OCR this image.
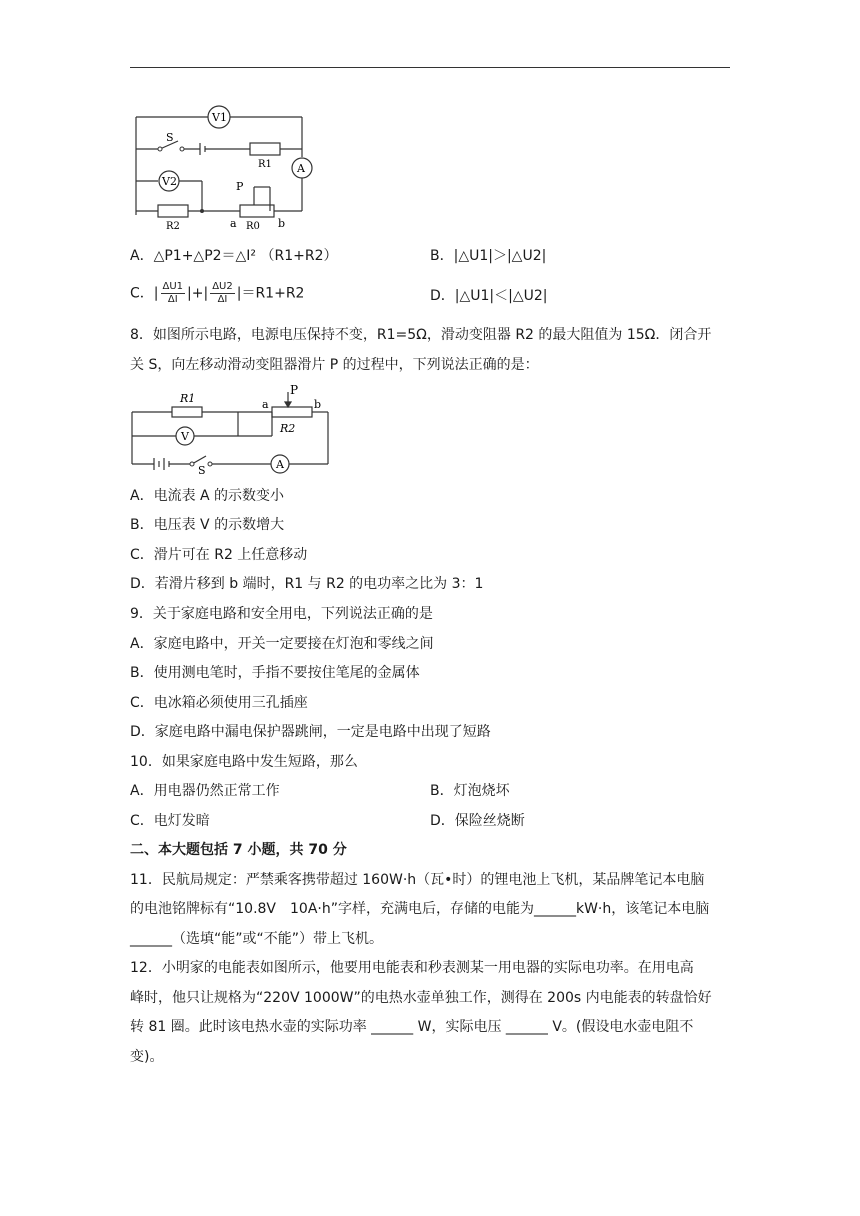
V1
S
R1 A
V2	P
R2	a R0 b
A．△P1+△P2＝△I² （R1+R2）	B．|△U1|＞|△U2|
C．| $\frac{\Delta U1}{\Delta I}$ |+| $\frac{\Delta U2}{\Delta I} |=R1+R2$	D．|△U1|＜|△U2|
8．如图所示电路，电源电压保持不变，R1=5Ω，滑动变阻器 R2 的最大阻值为 15Ω．闭合开
关 S，向左移动滑动变阻器滑片 P 的过程中，下列说法正确的是：
R1
P
a	b
R2
V
S	A
A．电流表 A 的示数变小
B．电压表 V 的示数增大
C．滑片可在 R2 上任意移动
D．若滑片移到 b 端时，R1 与 R2 的电功率之比为 3：1
9．关于家庭电路和安全用电，下列说法正确的是
A．家庭电路中，开关一定要接在灯泡和零线之间
B．使用测电笔时，手指不要按住笔尾的金属体
C．电冰箱必须使用三孔插座
D．家庭电路中漏电保护器跳闸，一定是电路中出现了短路
10．如果家庭电路中发生短路，那么
A．用电器仍然正常工作	B．灯泡烧坏
C．电灯发暗	D．保险丝烧断
二、本大题包括 7 小题，共 70 分
11．民航局规定：严禁乘客携带超过 160W·h（瓦•时）的锂电池上飞机，某品牌笔记本电脑
的电池铭牌标有“10.8V　10A·h”字样，充满电后，存储的电能为______kW·h，该笔记本电脑
______（选填“能”或“不能”）带上飞机。
12．小明家的电能表如图所示，他要用电能表和秒表测某一用电器的实际电功率。在用电高
峰时，他只让规格为“220V 1000W”的电热水壶单独工作，测得在 200s 内电能表的转盘恰好
转 81 圈。此时该电热水壶的实际功率 ______ W，实际电压 ______ V。(假设电水壶电阻不
变)。
